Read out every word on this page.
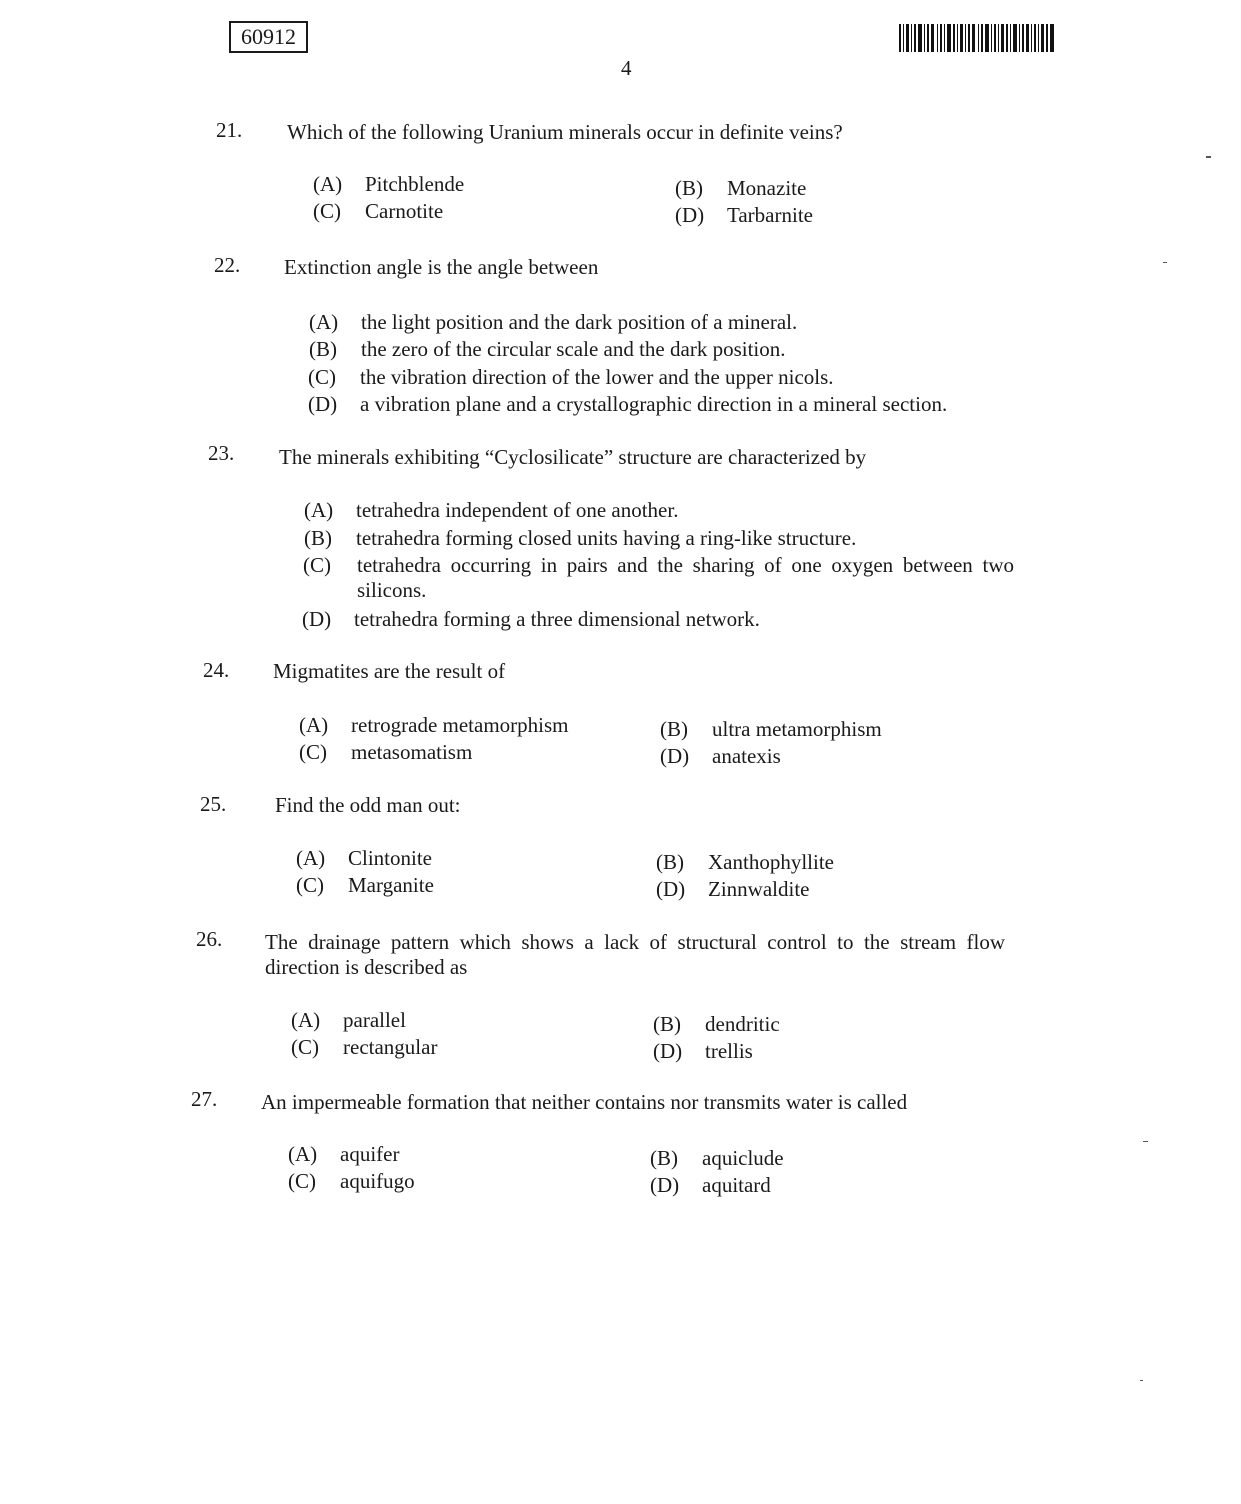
60912
4
21. Which of the following Uranium minerals occur in definite veins?
(A) Pitchblende	(B) Monazite
(C) Carnotite	(D) Tarbarnite
22. Extinction angle is the angle between
(A) the light position and the dark position of a mineral.
(B) the zero of the circular scale and the dark position.
(C) the vibration direction of the lower and the upper nicols.
(D) a vibration plane and a crystallographic direction in a mineral section.
23. The minerals exhibiting “Cyclosilicate” structure are characterized by
(A) tetrahedra independent of one another.
(B) tetrahedra forming closed units having a ring-like structure.
(C) tetrahedra occurring in pairs and the sharing of one oxygen between two silicons.
(D) tetrahedra forming a three dimensional network.
24. Migmatites are the result of
(A) retrograde metamorphism	(B) ultra metamorphism
(C) metasomatism	(D) anatexis
25. Find the odd man out:
(A) Clintonite	(B) Xanthophyllite
(C) Marganite	(D) Zinnwaldite
26. The drainage pattern which shows a lack of structural control to the stream flow direction is described as
(A) parallel	(B) dendritic
(C) rectangular	(D) trellis
27. An impermeable formation that neither contains nor transmits water is called
(A) aquifer	(B) aquiclude
(C) aquifugo	(D) aquitard
